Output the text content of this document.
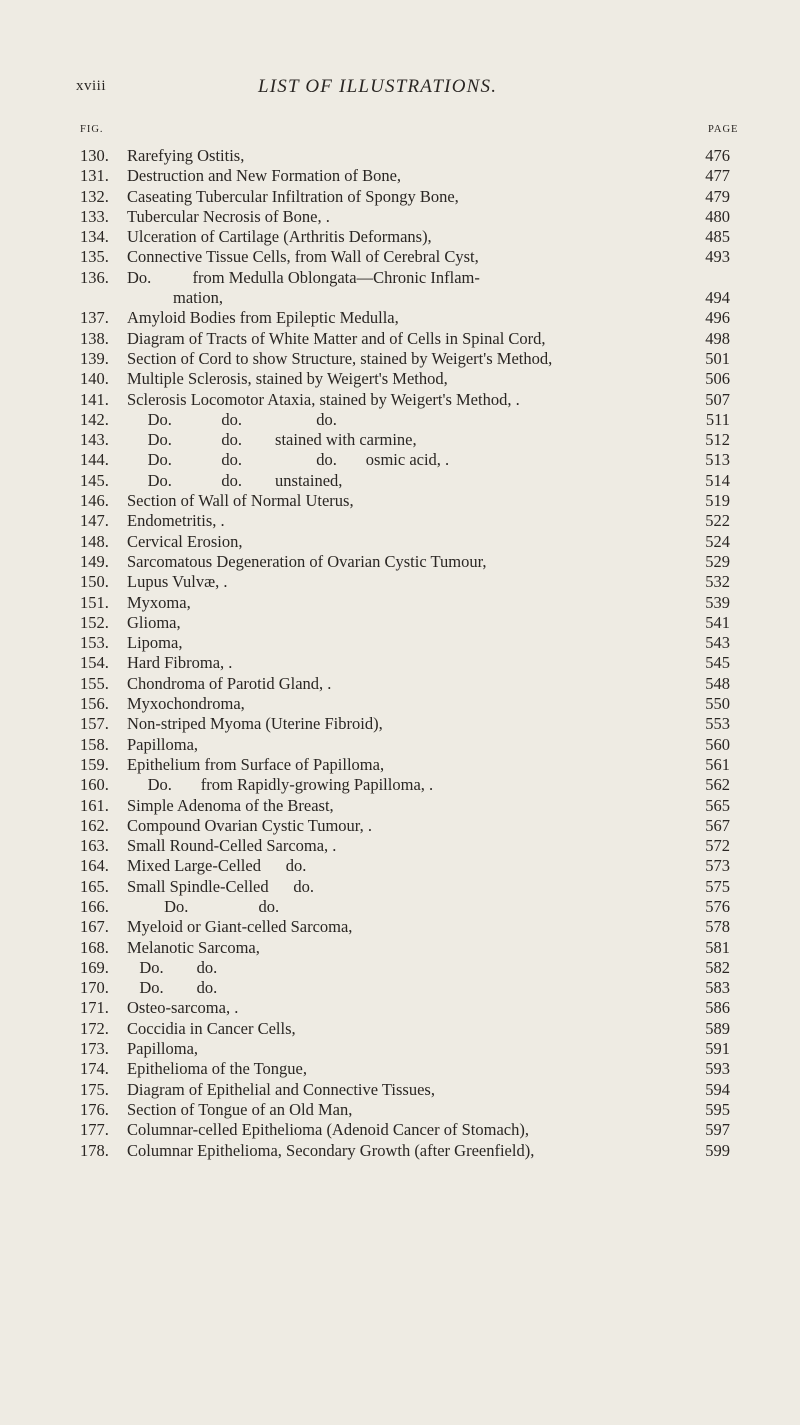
xviii	LIST OF ILLUSTRATIONS.
FIG.	PAGE
130. Rarefying Ostitis,	476
131. Destruction and New Formation of Bone,	477
132. Caseating Tubercular Infiltration of Spongy Bone,	479
133. Tubercular Necrosis of Bone, .	480
134. Ulceration of Cartilage (Arthritis Deformans),	485
135. Connective Tissue Cells, from Wall of Cerebral Cyst,	493
136. Do.          from Medulla Oblongata—Chronic Inflam-
mation,	494
137. Amyloid Bodies from Epileptic Medulla,	496
138. Diagram of Tracts of White Matter and of Cells in Spinal Cord,	498
139. Section of Cord to show Structure, stained by Weigert's Method,	501
140. Multiple Sclerosis, stained by Weigert's Method,	506
141. Sclerosis Locomotor Ataxia, stained by Weigert's Method, .	507
142. Do.            do.                  do.	511
143. Do.            do.        stained with carmine,	512
144. Do.            do.                  do.       osmic acid, .	513
145. Do.            do.        unstained,	514
146. Section of Wall of Normal Uterus,	519
147. Endometritis, .	522
148. Cervical Erosion,	524
149. Sarcomatous Degeneration of Ovarian Cystic Tumour,	529
150. Lupus Vulvæ, .	532
151. Myxoma,	539
152. Glioma,	541
153. Lipoma,	543
154. Hard Fibroma, .	545
155. Chondroma of Parotid Gland, .	548
156. Myxochondroma,	550
157. Non-striped Myoma (Uterine Fibroid),	553
158. Papilloma,	560
159. Epithelium from Surface of Papilloma,	561
160. Do.       from Rapidly-growing Papilloma, .	562
161. Simple Adenoma of the Breast,	565
162. Compound Ovarian Cystic Tumour, .	567
163. Small Round-Celled Sarcoma, .	572
164. Mixed Large-Celled      do.	573
165. Small Spindle-Celled      do.	575
166. Do.                 do.	576
167. Myeloid or Giant-celled Sarcoma,	578
168. Melanotic Sarcoma,	581
169. Do.        do.	582
170. Do.        do.	583
171. Osteo-sarcoma, .	586
172. Coccidia in Cancer Cells,	589
173. Papilloma,	591
174. Epithelioma of the Tongue,	593
175. Diagram of Epithelial and Connective Tissues,	594
176. Section of Tongue of an Old Man,	595
177. Columnar-celled Epithelioma (Adenoid Cancer of Stomach),	597
178. Columnar Epithelioma, Secondary Growth (after Greenfield),	599
